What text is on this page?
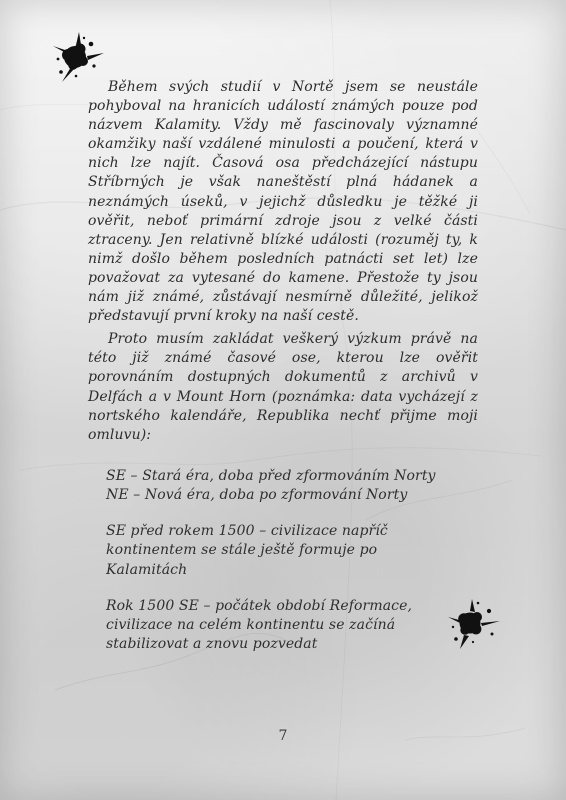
Během svých studií v Nortě jsem se neustále pohyboval na hranicích událostí známých pouze pod názvem Kalamity. Vždy mě fascinovaly významné okamžiky naší vzdálené minulosti a poučení, která v nich lze najít. Časová osa předcházející nástupu Stříbrných je však naneštěstí plná hádanek a neznámých úseků, v jejichž důsledku je těžké ji ověřit, neboť primární zdroje jsou z velké části ztraceny. Jen relativně blízké události (rozuměj ty, k nimž došlo během posledních patnácti set let) lze považovat za vytesané do kamene. Přestože ty jsou nám již známé, zůstávají nesmírně důležité, jelikož představují první kroky na naší cestě.

Proto musím zakládat veškerý výzkum právě na této již známé časové ose, kterou lze ověřit porovnáním dostupných dokumentů z archivů v Delfách a v Mount Horn (poznámka: data vycházejí z nortského kalendáře, Republika nechť přijme moji omluvu):

SE – Stará éra, doba před zformováním Norty
NE – Nová éra, doba po zformování Norty
SE před rokem 1500 – civilizace napříč
kontinentem se stále ještě formuje po
Kalamitách
Rok 1500 SE – počátek období Reformace,
civilizace na celém kontinentu se začíná
stabilizovat a znovu pozvedat
7
